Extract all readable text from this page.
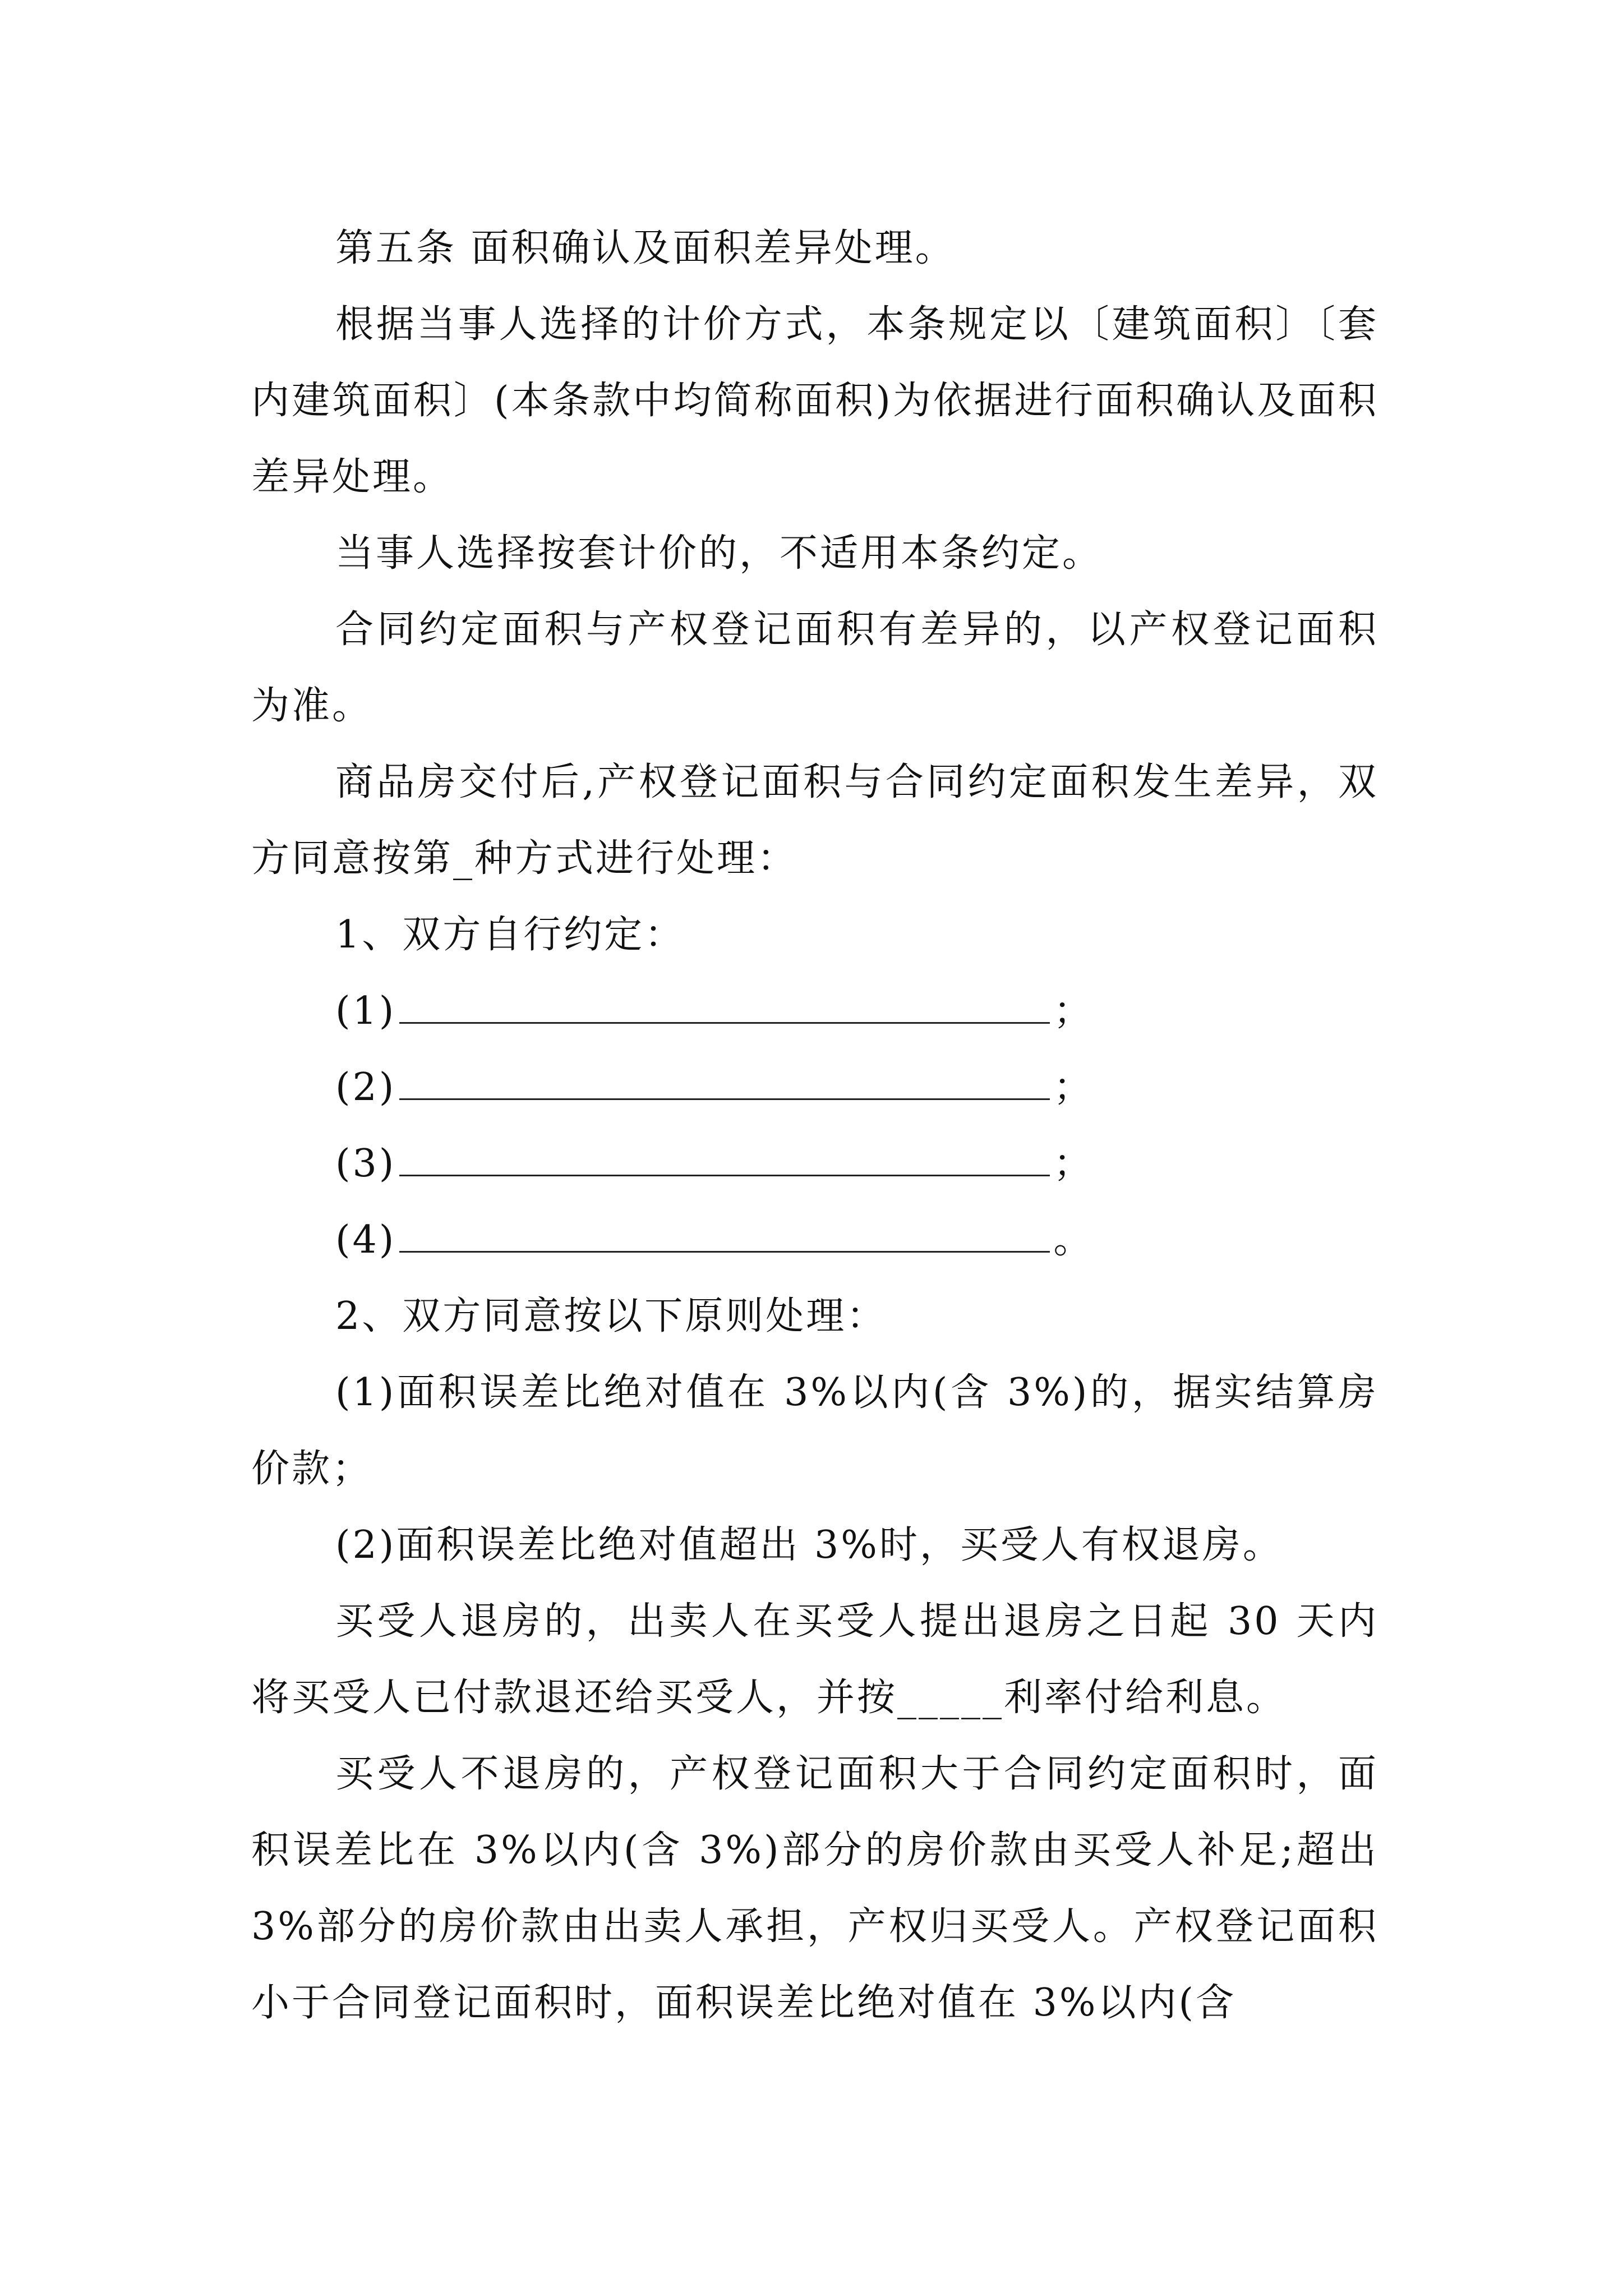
第五条 面积确认及面积差异处理。

根据当事人选择的计价方式，本条规定以〔建筑面积〕〔套内建筑面积〕(本条款中均简称面积)为依据进行面积确认及面积差异处理。

当事人选择按套计价的，不适用本条约定。

合同约定面积与产权登记面积有差异的，以产权登记面积为准。

商品房交付后,产权登记面积与合同约定面积发生差异，双方同意按第_种方式进行处理：

1、双方自行约定：

(1)	；
(2)	；
(3)	；
(4)	。

2、双方同意按以下原则处理：

(1)面积误差比绝对值在 3%以内(含 3%)的，据实结算房价款；

(2)面积误差比绝对值超出 3%时，买受人有权退房。

买受人退房的，出卖人在买受人提出退房之日起 30 天内将买受人已付款退还给买受人，并按_____利率付给利息。

买受人不退房的，产权登记面积大于合同约定面积时，面积误差比在 3%以内(含 3%)部分的房价款由买受人补足;超出 3%部分的房价款由出卖人承担，产权归买受人。产权登记面积小于合同登记面积时，面积误差比绝对值在 3%以内(含
